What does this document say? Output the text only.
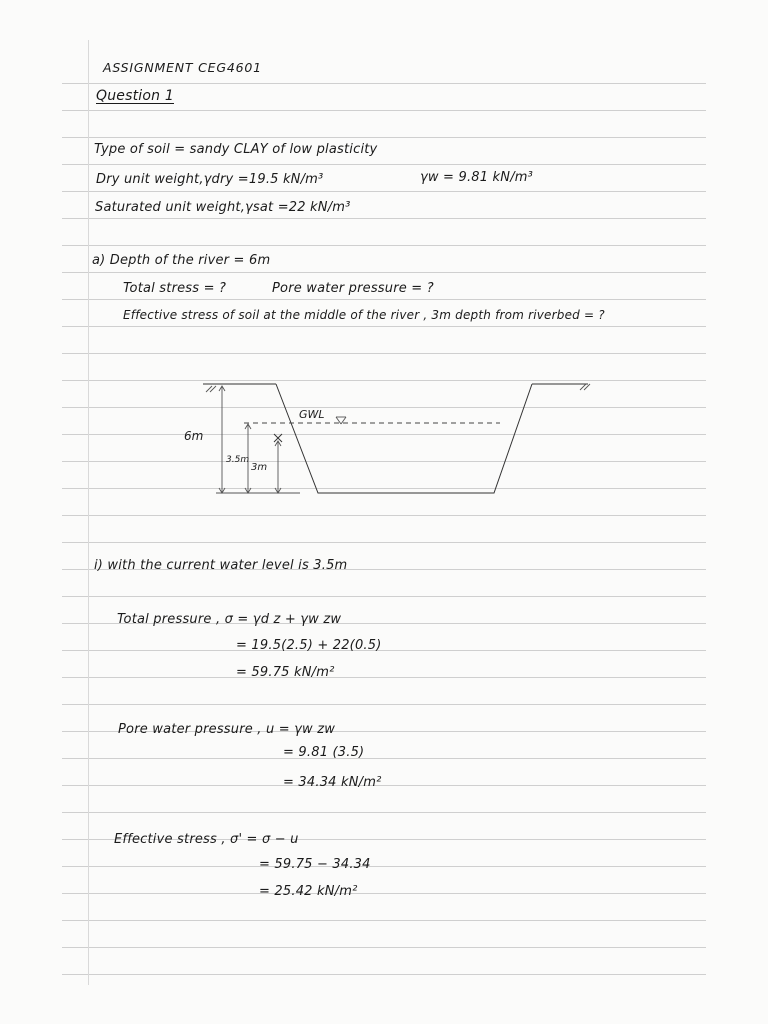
ASSIGNMENT CEG4601
Question 1
Type of soil = sandy CLAY of low plasticity
Dry unit weight,γdry =19.5 kN/m³	γw = 9.81 kN/m³
Saturated unit weight,γsat =22 kN/m³
a) Depth of the river = 6m
Total stress = ?	Pore water pressure = ?
Effective stress of soil at the middle of the river , 3m depth from riverbed = ?
6m
GWL
3.5m
3m
i) with the current water level is 3.5m
Total pressure , σ = γd z + γw zw
= 19.5(2.5) + 22(0.5)
= 59.75 kN/m²
Pore water pressure , u = γw zw
= 9.81 (3.5)
= 34.34 kN/m²
Effective stress , σ' = σ − u
= 59.75 − 34.34
= 25.42 kN/m²
